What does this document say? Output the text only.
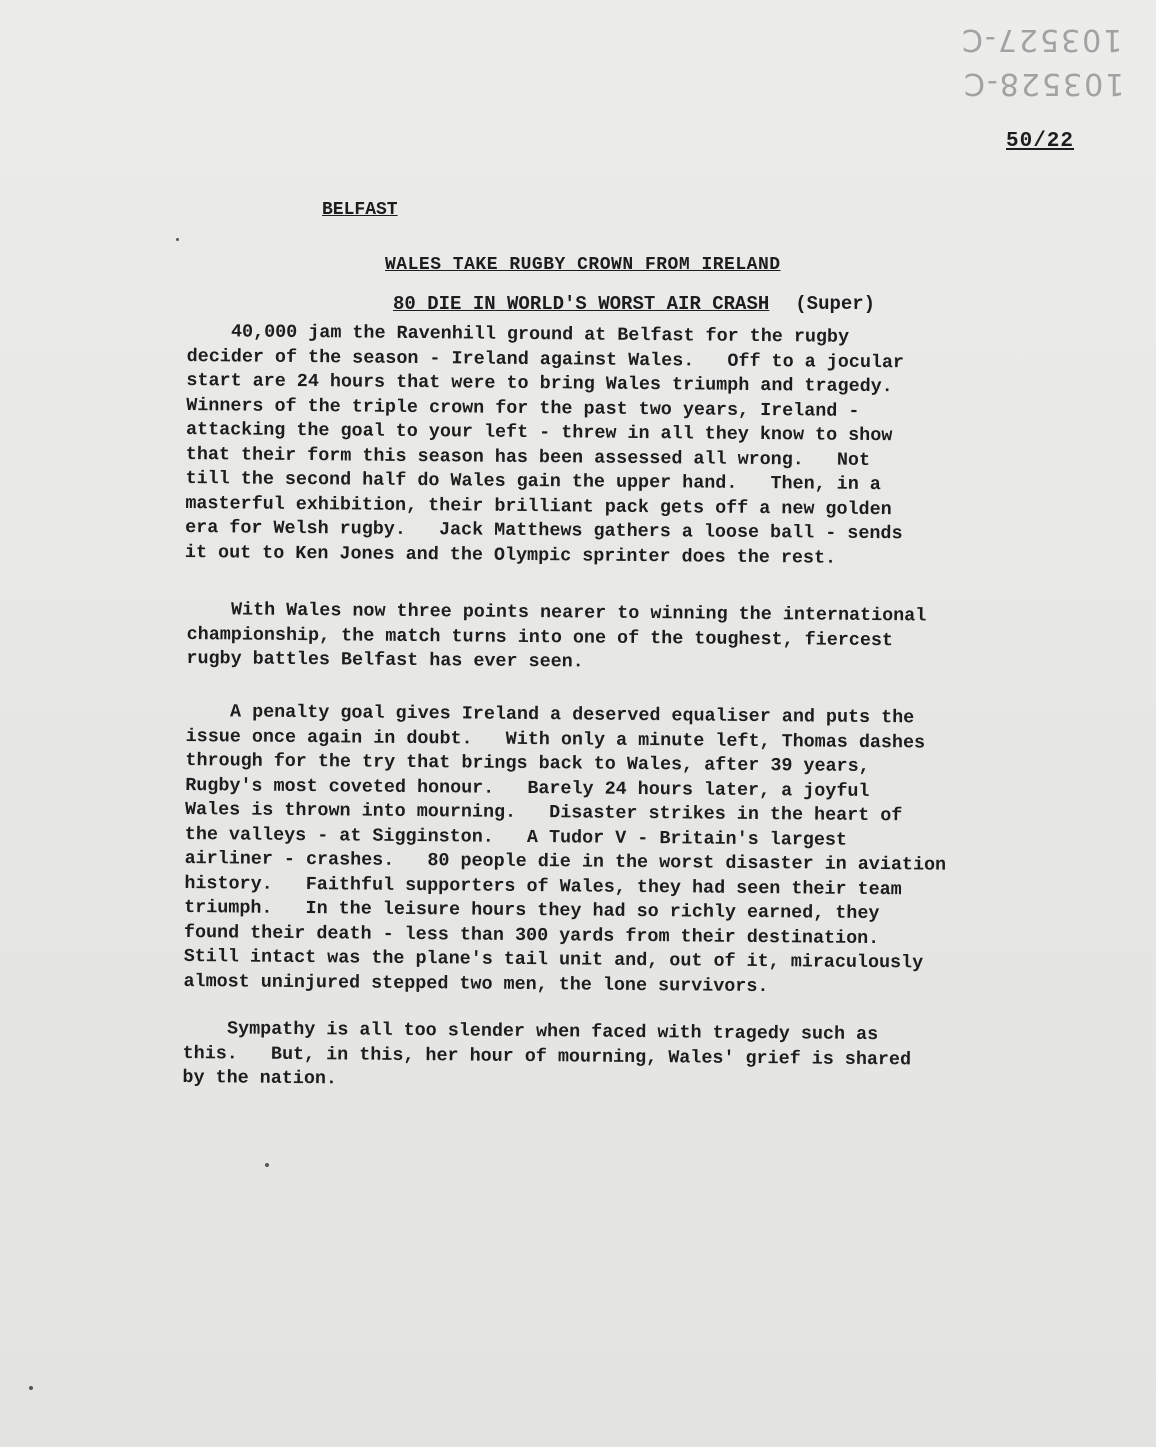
103527-C
103528-C
50/22
BELFAST
WALES TAKE RUGBY CROWN FROM IRELAND
80 DIE IN WORLD'S WORST AIR CRASH (Super)
40,000 jam the Ravenhill ground at Belfast for the rugby
decider of the season - Ireland against Wales.   Off to a jocular
start are 24 hours that were to bring Wales triumph and tragedy.
Winners of the triple crown for the past two years, Ireland -
attacking the goal to your left - threw in all they know to show
that their form this season has been assessed all wrong.   Not
till the second half do Wales gain the upper hand.   Then, in a
masterful exhibition, their brilliant pack gets off a new golden
era for Welsh rugby.   Jack Matthews gathers a loose ball - sends
it out to Ken Jones and the Olympic sprinter does the rest.
With Wales now three points nearer to winning the international
championship, the match turns into one of the toughest, fiercest
rugby battles Belfast has ever seen.
A penalty goal gives Ireland a deserved equaliser and puts the
issue once again in doubt.   With only a minute left, Thomas dashes
through for the try that brings back to Wales, after 39 years,
Rugby's most coveted honour.   Barely 24 hours later, a joyful
Wales is thrown into mourning.   Disaster strikes in the heart of
the valleys - at Sigginston.   A Tudor V - Britain's largest
airliner - crashes.   80 people die in the worst disaster in aviation
history.   Faithful supporters of Wales, they had seen their team
triumph.   In the leisure hours they had so richly earned, they
found their death - less than 300 yards from their destination.
Still intact was the plane's tail unit and, out of it, miraculously
almost uninjured stepped two men, the lone survivors.
Sympathy is all too slender when faced with tragedy such as
this.   But, in this, her hour of mourning, Wales' grief is shared
by the nation.
